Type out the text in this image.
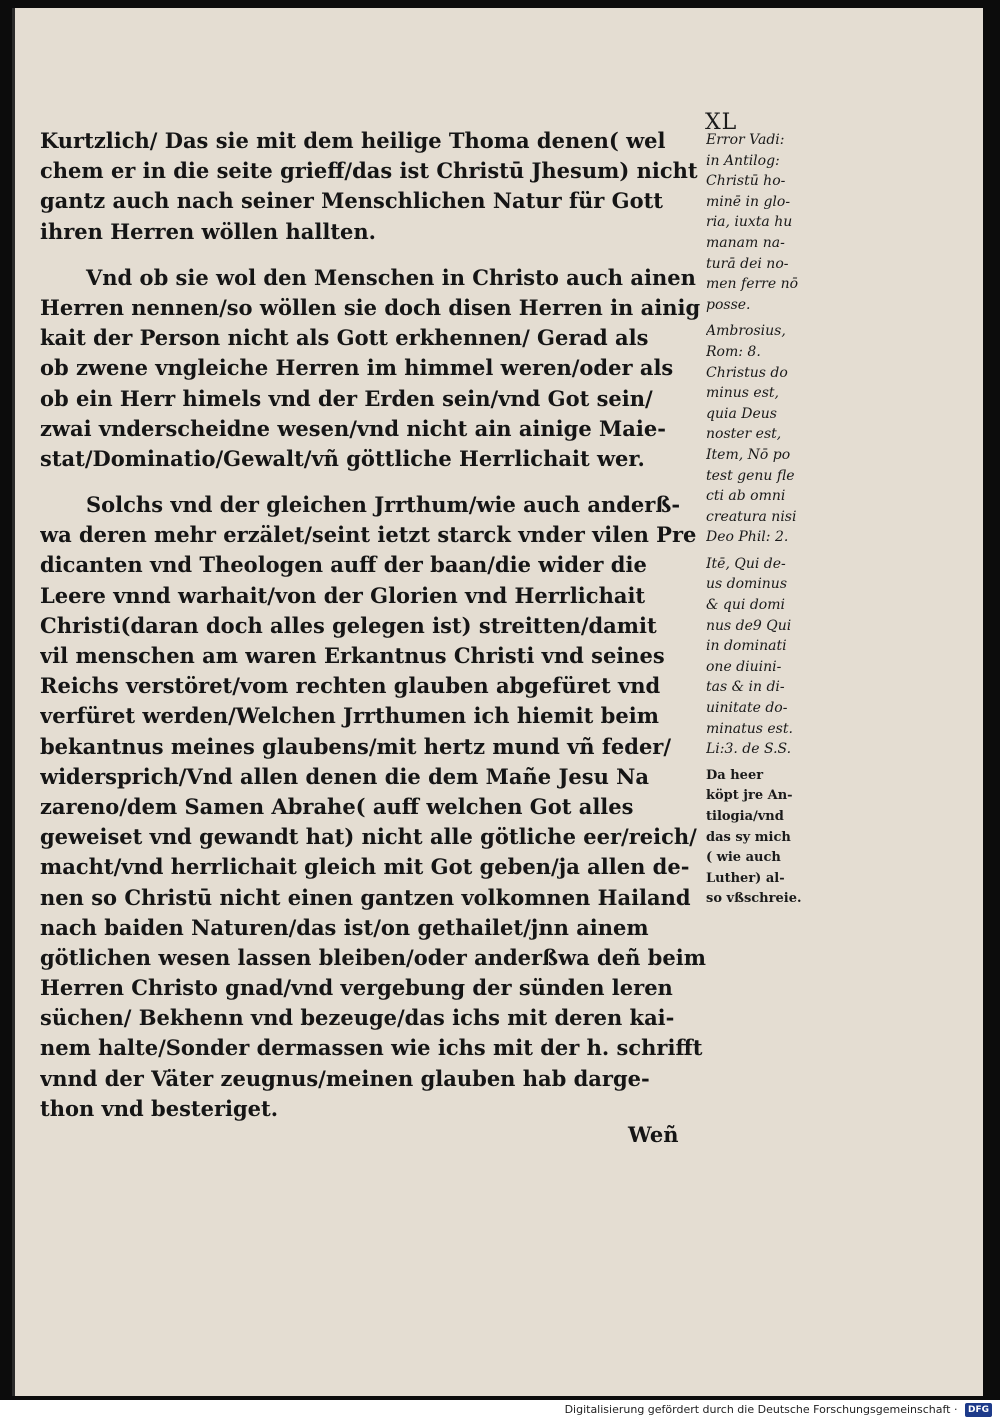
XL
Kurtzlich/ Das sie mit dem heilige Thoma denen( wel
chem er in die seite grieff/das ist Christū Jhesum) nicht
gantz auch nach seiner Menschlichen Natur für Gott
ihren Herren wöllen hallten.
Vnd ob sie wol den Menschen in Christo auch ainen
Herren nennen/so wöllen sie doch disen Herren in ainig
kait der Person nicht als Gott erkhennen/ Gerad als
ob zwene vngleiche Herren im himmel weren/oder als
ob ein Herr himels vnd der Erden sein/vnd Got sein/
zwai vnderscheidne wesen/vnd nicht ain ainige Maie-
stat/Dominatio/Gewalt/vñ göttliche Herrlichait wer.
Solchs vnd der gleichen Jrrthum/wie auch anderß-
wa deren mehr erzälet/seint ietzt starck vnder vilen Pre
dicanten vnd Theologen auff der baan/die wider die
Leere vnnd warhait/von der Glorien vnd Herrlichait
Christi(daran doch alles gelegen ist) streitten/damit
vil menschen am waren Erkantnus Christi vnd seines
Reichs verstöret/vom rechten glauben abgefüret vnd
verfüret werden/Welchen Jrrthumen ich hiemit beim
bekantnus meines glaubens/mit hertz mund vñ feder/
widersprich/Vnd allen denen die dem Mañe Jesu Na
zareno/dem Samen Abrahe( auff welchen Got alles
geweiset vnd gewandt hat) nicht alle götliche eer/reich/
macht/vnd herrlichait gleich mit Got geben/ja allen de-
nen so Christū nicht einen gantzen volkomnen Hailand
nach baiden Naturen/das ist/on gethailet/jnn ainem
götlichen wesen lassen bleiben/oder anderßwa deñ beim
Herren Christo gnad/vnd vergebung der sünden leren
süchen/ Bekhenn vnd bezeuge/das ichs mit deren kai-
nem halte/Sonder dermassen wie ichs mit der h. schrifft
vnnd der Väter zeugnus/meinen glauben hab darge-
thon vnd besteriget.
Weñ
Error Vadi:
in Antilog:
Christū ho-
minē in glo-
ria, iuxta hu
manam na-
turā dei no-
men ferre nō
posse.
Ambrosius,
Rom: 8.
Christus do
minus est,
quia Deus
noster est,
Item, Nō po
test genu fle
cti ab omni
creatura nisi
Deo Phil: 2.
Itē, Qui de-
us dominus
& qui domi
nus de9 Qui
in dominati
one diuini-
tas & in di-
uinitate do-
minatus est.
Li:3. de S.S.
Da heer
köpt jre An-
tilogia/vnd
das sy mich
( wie auch
Luther) al-
so vßschreie.
Digitalisierung gefördert durch die Deutsche Forschungsgemeinschaft · DFG
